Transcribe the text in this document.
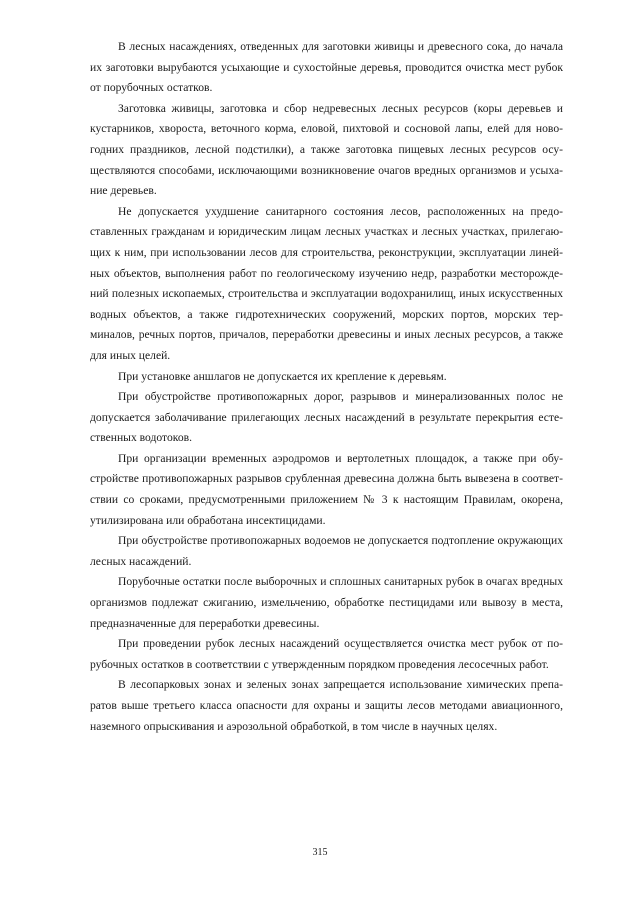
В лесных насаждениях, отведенных для заготовки живицы и древесного сока, до начала их заготовки вырубаются усыхающие и сухостойные деревья, проводится очистка мест рубок от порубочных остатков.

Заготовка живицы, заготовка и сбор недревесных лесных ресурсов (коры деревьев и кустарников, хвороста, веточного корма, еловой, пихтовой и сосновой лапы, елей для новогодних праздников, лесной подстилки), а также заготовка пищевых лесных ресурсов осуществляются способами, исключающими возникновение очагов вредных организмов и усыхание деревьев.

Не допускается ухудшение санитарного состояния лесов, расположенных на предоставленных гражданам и юридическим лицам лесных участках и лесных участках, прилегающих к ним, при использовании лесов для строительства, реконструкции, эксплуатации линейных объектов, выполнения работ по геологическому изучению недр, разработки месторождений полезных ископаемых, строительства и эксплуатации водохранилищ, иных искусственных водных объектов, а также гидротехнических сооружений, морских портов, морских терминалов, речных портов, причалов, переработки древесины и иных лесных ресурсов, а также для иных целей.

При установке аншлагов не допускается их крепление к деревьям.

При обустройстве противопожарных дорог, разрывов и минерализованных полос не допускается заболачивание прилегающих лесных насаждений в результате перекрытия естественных водотоков.

При организации временных аэродромов и вертолетных площадок, а также при обустройстве противопожарных разрывов срубленная древесина должна быть вывезена в соответствии со сроками, предусмотренными приложением № 3 к настоящим Правилам, окорена, утилизирована или обработана инсектицидами.

При обустройстве противопожарных водоемов не допускается подтопление окружающих лесных насаждений.

Порубочные остатки после выборочных и сплошных санитарных рубок в очагах вредных организмов подлежат сжиганию, измельчению, обработке пестицидами или вывозу в места, предназначенные для переработки древесины.

При проведении рубок лесных насаждений осуществляется очистка мест рубок от порубочных остатков в соответствии с утвержденным порядком проведения лесосечных работ.

В лесопарковых зонах и зеленых зонах запрещается использование химических препаратов выше третьего класса опасности для охраны и защиты лесов методами авиационного, наземного опрыскивания и аэрозольной обработкой, в том числе в научных целях.

315
